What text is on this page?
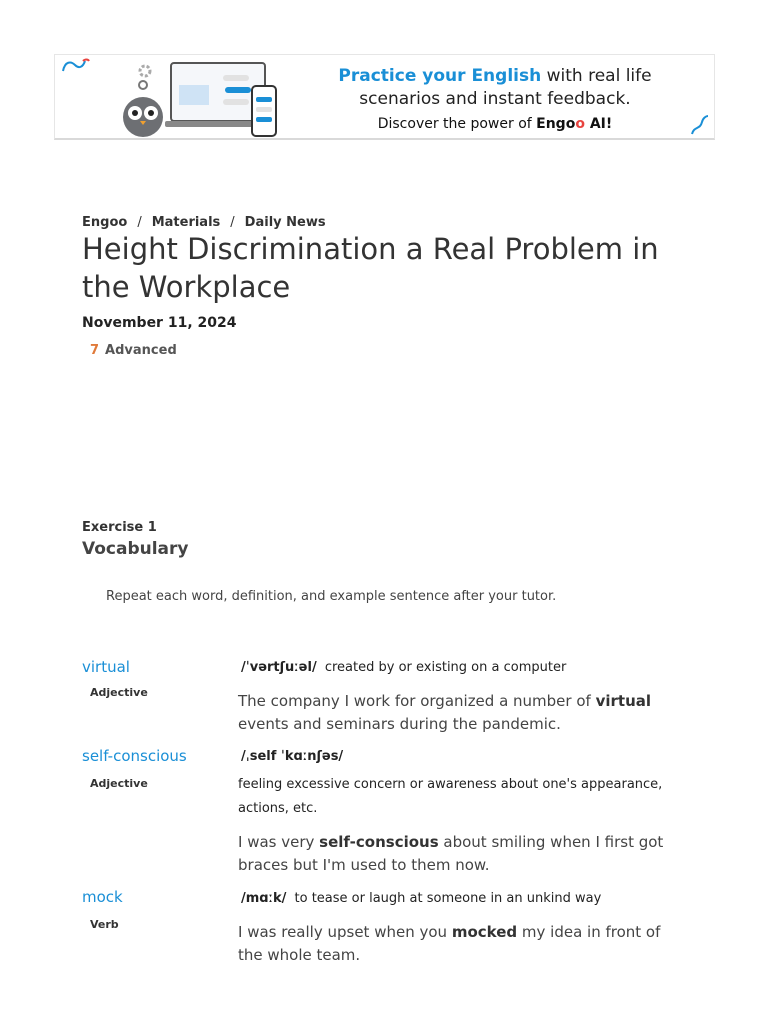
Practice your English with real life
scenarios and instant feedback.
Discover the power of Engoo AI!
Engoo / Materials / Daily News
Height Discrimination a Real Problem in the Workplace
November 11, 2024
7 Advanced
Exercise 1
Vocabulary
Repeat each word, definition, and example sentence after your tutor.
virtual
Adjective
/ˈvərtʃuːəl/ created by or existing on a computer
The company I work for organized a number of virtual events and seminars during the pandemic.
self-conscious
Adjective
/ˌself ˈkɑːnʃəs/
feeling excessive concern or awareness about one's appearance, actions, etc.
I was very self-conscious about smiling when I first got braces but I'm used to them now.
mock
Verb
/mɑːk/ to tease or laugh at someone in an unkind way
I was really upset when you mocked my idea in front of the whole team.
